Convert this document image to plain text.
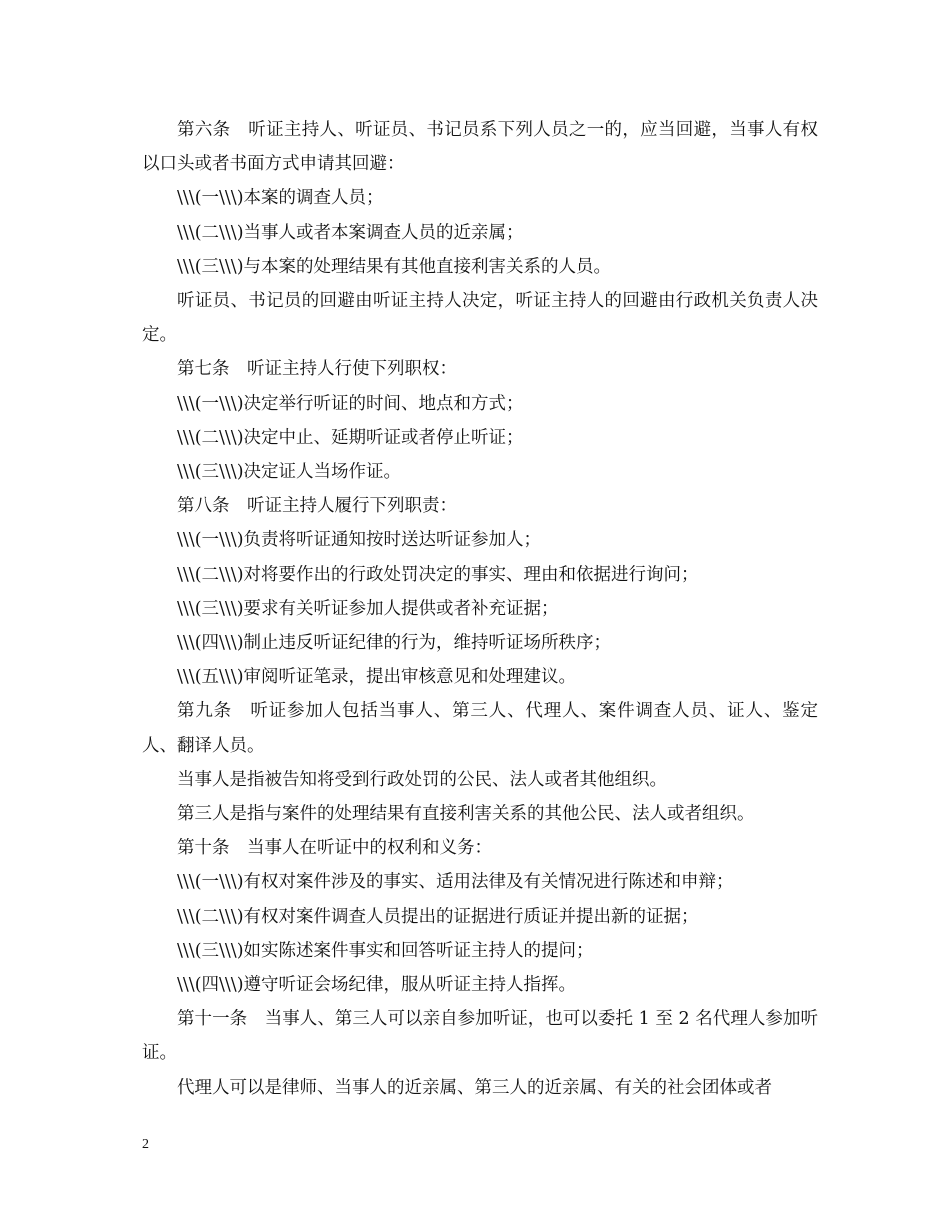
第六条　听证主持人、听证员、书记员系下列人员之一的，应当回避，当事人有权以口头或者书面方式申请其回避：

\\\(一\\\)本案的调查人员；

\\\(二\\\)当事人或者本案调查人员的近亲属；

\\\(三\\\)与本案的处理结果有其他直接利害关系的人员。

听证员、书记员的回避由听证主持人决定，听证主持人的回避由行政机关负责人决定。

第七条　听证主持人行使下列职权：

\\\(一\\\)决定举行听证的时间、地点和方式；

\\\(二\\\)决定中止、延期听证或者停止听证；

\\\(三\\\)决定证人当场作证。

第八条　听证主持人履行下列职责：

\\\(一\\\)负责将听证通知按时送达听证参加人；

\\\(二\\\)对将要作出的行政处罚决定的事实、理由和依据进行询问；

\\\(三\\\)要求有关听证参加人提供或者补充证据；

\\\(四\\\)制止违反听证纪律的行为，维持听证场所秩序；

\\\(五\\\)审阅听证笔录，提出审核意见和处理建议。

第九条　听证参加人包括当事人、第三人、代理人、案件调查人员、证人、鉴定人、翻译人员。

当事人是指被告知将受到行政处罚的公民、法人或者其他组织。

第三人是指与案件的处理结果有直接利害关系的其他公民、法人或者组织。

第十条　当事人在听证中的权利和义务：

\\\(一\\\)有权对案件涉及的事实、适用法律及有关情况进行陈述和申辩；

\\\(二\\\)有权对案件调查人员提出的证据进行质证并提出新的证据；

\\\(三\\\)如实陈述案件事实和回答听证主持人的提问；

\\\(四\\\)遵守听证会场纪律，服从听证主持人指挥。

第十一条　当事人、第三人可以亲自参加听证，也可以委托 1 至 2 名代理人参加听证。

代理人可以是律师、当事人的近亲属、第三人的近亲属、有关的社会团体或者

2
